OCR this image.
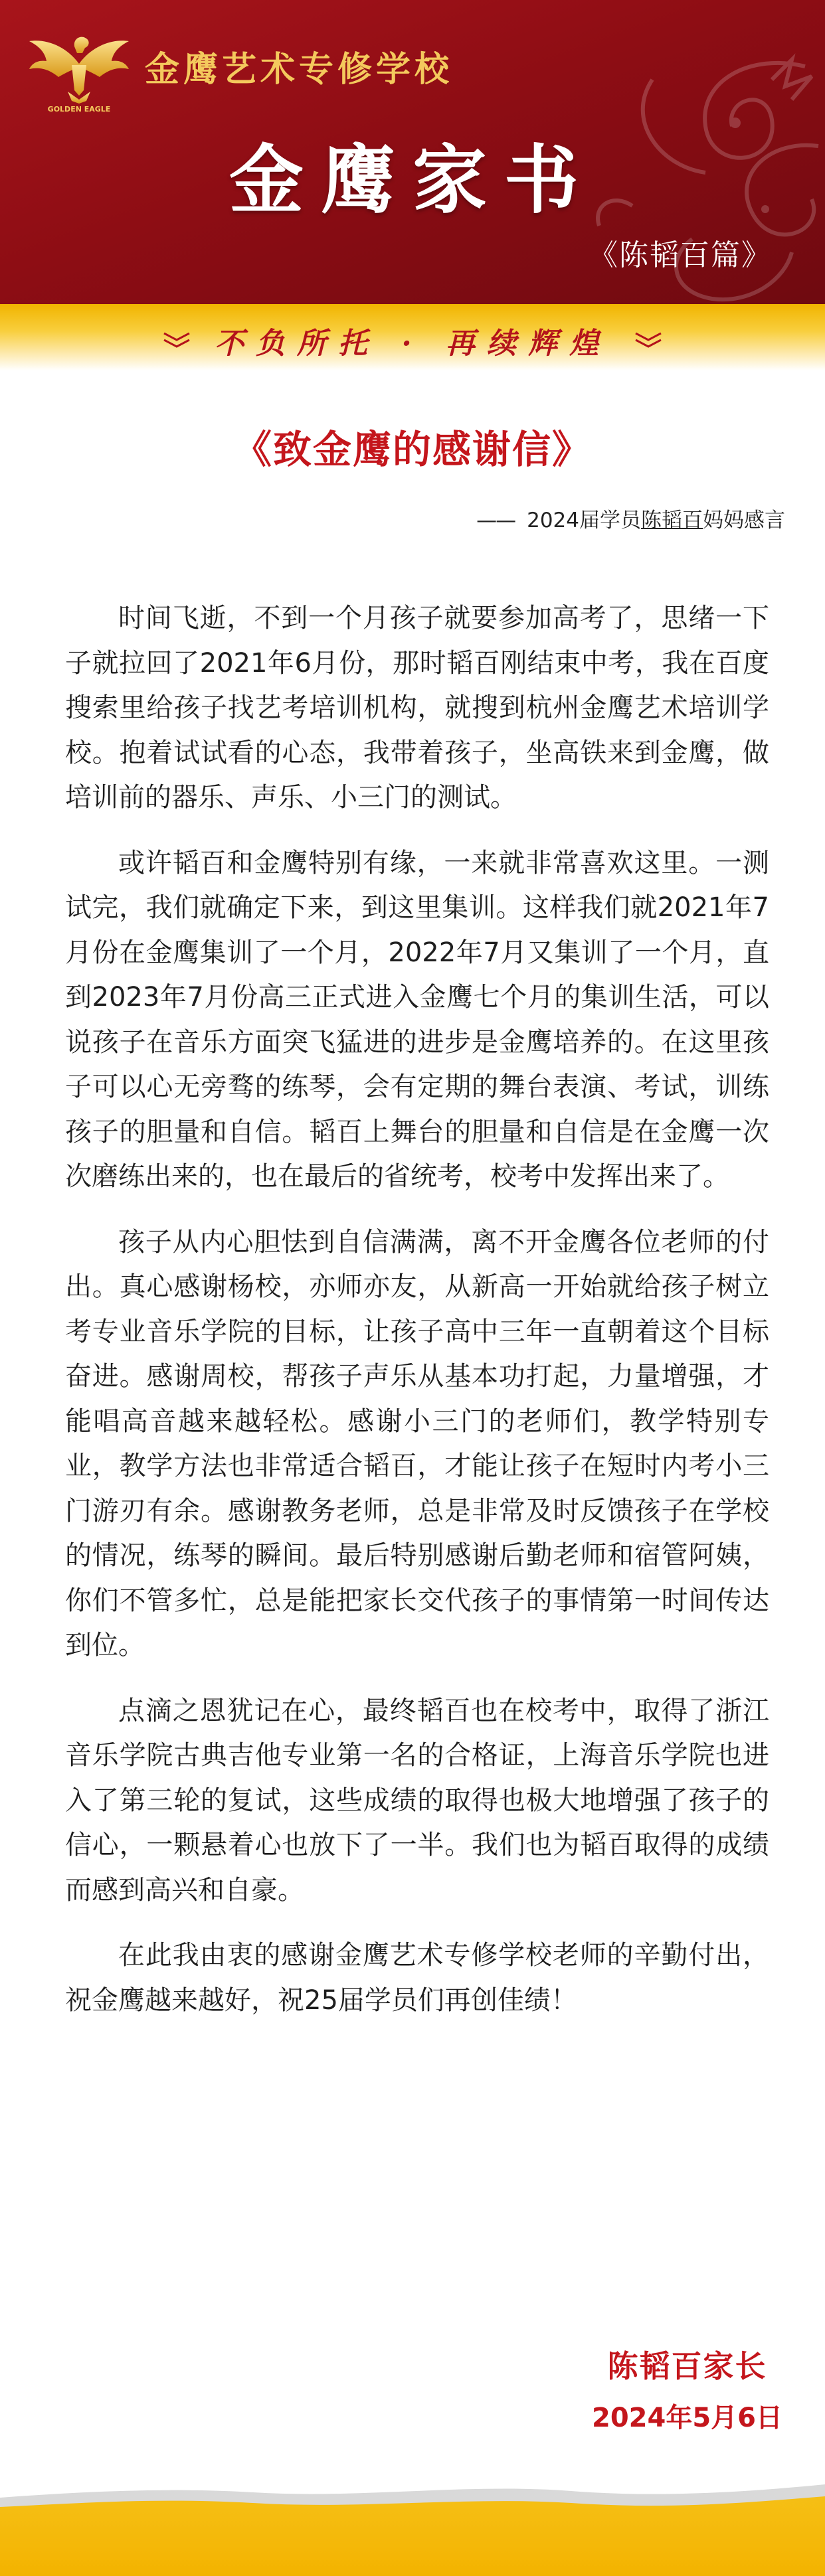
GOLDEN EAGLE
金鹰艺术专修学校
金鹰家书
《陈韬百篇》
不负所托 · 再续辉煌
《致金鹰的感谢信》
—— 2024届学员陈韬百妈妈感言

时间飞逝，不到一个月孩子就要参加高考了，思绪一下子就拉回了2021年6月份，那时韬百刚结束中考，我在百度搜索里给孩子找艺考培训机构，就搜到杭州金鹰艺术培训学校。抱着试试看的心态，我带着孩子，坐高铁来到金鹰，做培训前的器乐、声乐、小三门的测试。

或许韬百和金鹰特别有缘，一来就非常喜欢这里。一测试完，我们就确定下来，到这里集训。这样我们就2021年7月份在金鹰集训了一个月，2022年7月又集训了一个月，直到2023年7月份高三正式进入金鹰七个月的集训生活，可以说孩子在音乐方面突飞猛进的进步是金鹰培养的。在这里孩子可以心无旁骛的练琴，会有定期的舞台表演、考试，训练孩子的胆量和自信。韬百上舞台的胆量和自信是在金鹰一次次磨练出来的，也在最后的省统考，校考中发挥出来了。

孩子从内心胆怯到自信满满，离不开金鹰各位老师的付出。真心感谢杨校，亦师亦友，从新高一开始就给孩子树立考专业音乐学院的目标，让孩子高中三年一直朝着这个目标奋进。感谢周校，帮孩子声乐从基本功打起，力量增强，才能唱高音越来越轻松。感谢小三门的老师们，教学特别专业，教学方法也非常适合韬百，才能让孩子在短时内考小三门游刃有余。感谢教务老师，总是非常及时反馈孩子在学校的情况，练琴的瞬间。最后特别感谢后勤老师和宿管阿姨，你们不管多忙，总是能把家长交代孩子的事情第一时间传达到位。

点滴之恩犹记在心，最终韬百也在校考中，取得了浙江音乐学院古典吉他专业第一名的合格证，上海音乐学院也进入了第三轮的复试，这些成绩的取得也极大地增强了孩子的信心，一颗悬着心也放下了一半。我们也为韬百取得的成绩而感到高兴和自豪。

在此我由衷的感谢金鹰艺术专修学校老师的辛勤付出，祝金鹰越来越好，祝25届学员们再创佳绩！

陈韬百家长
2024年5月6日
